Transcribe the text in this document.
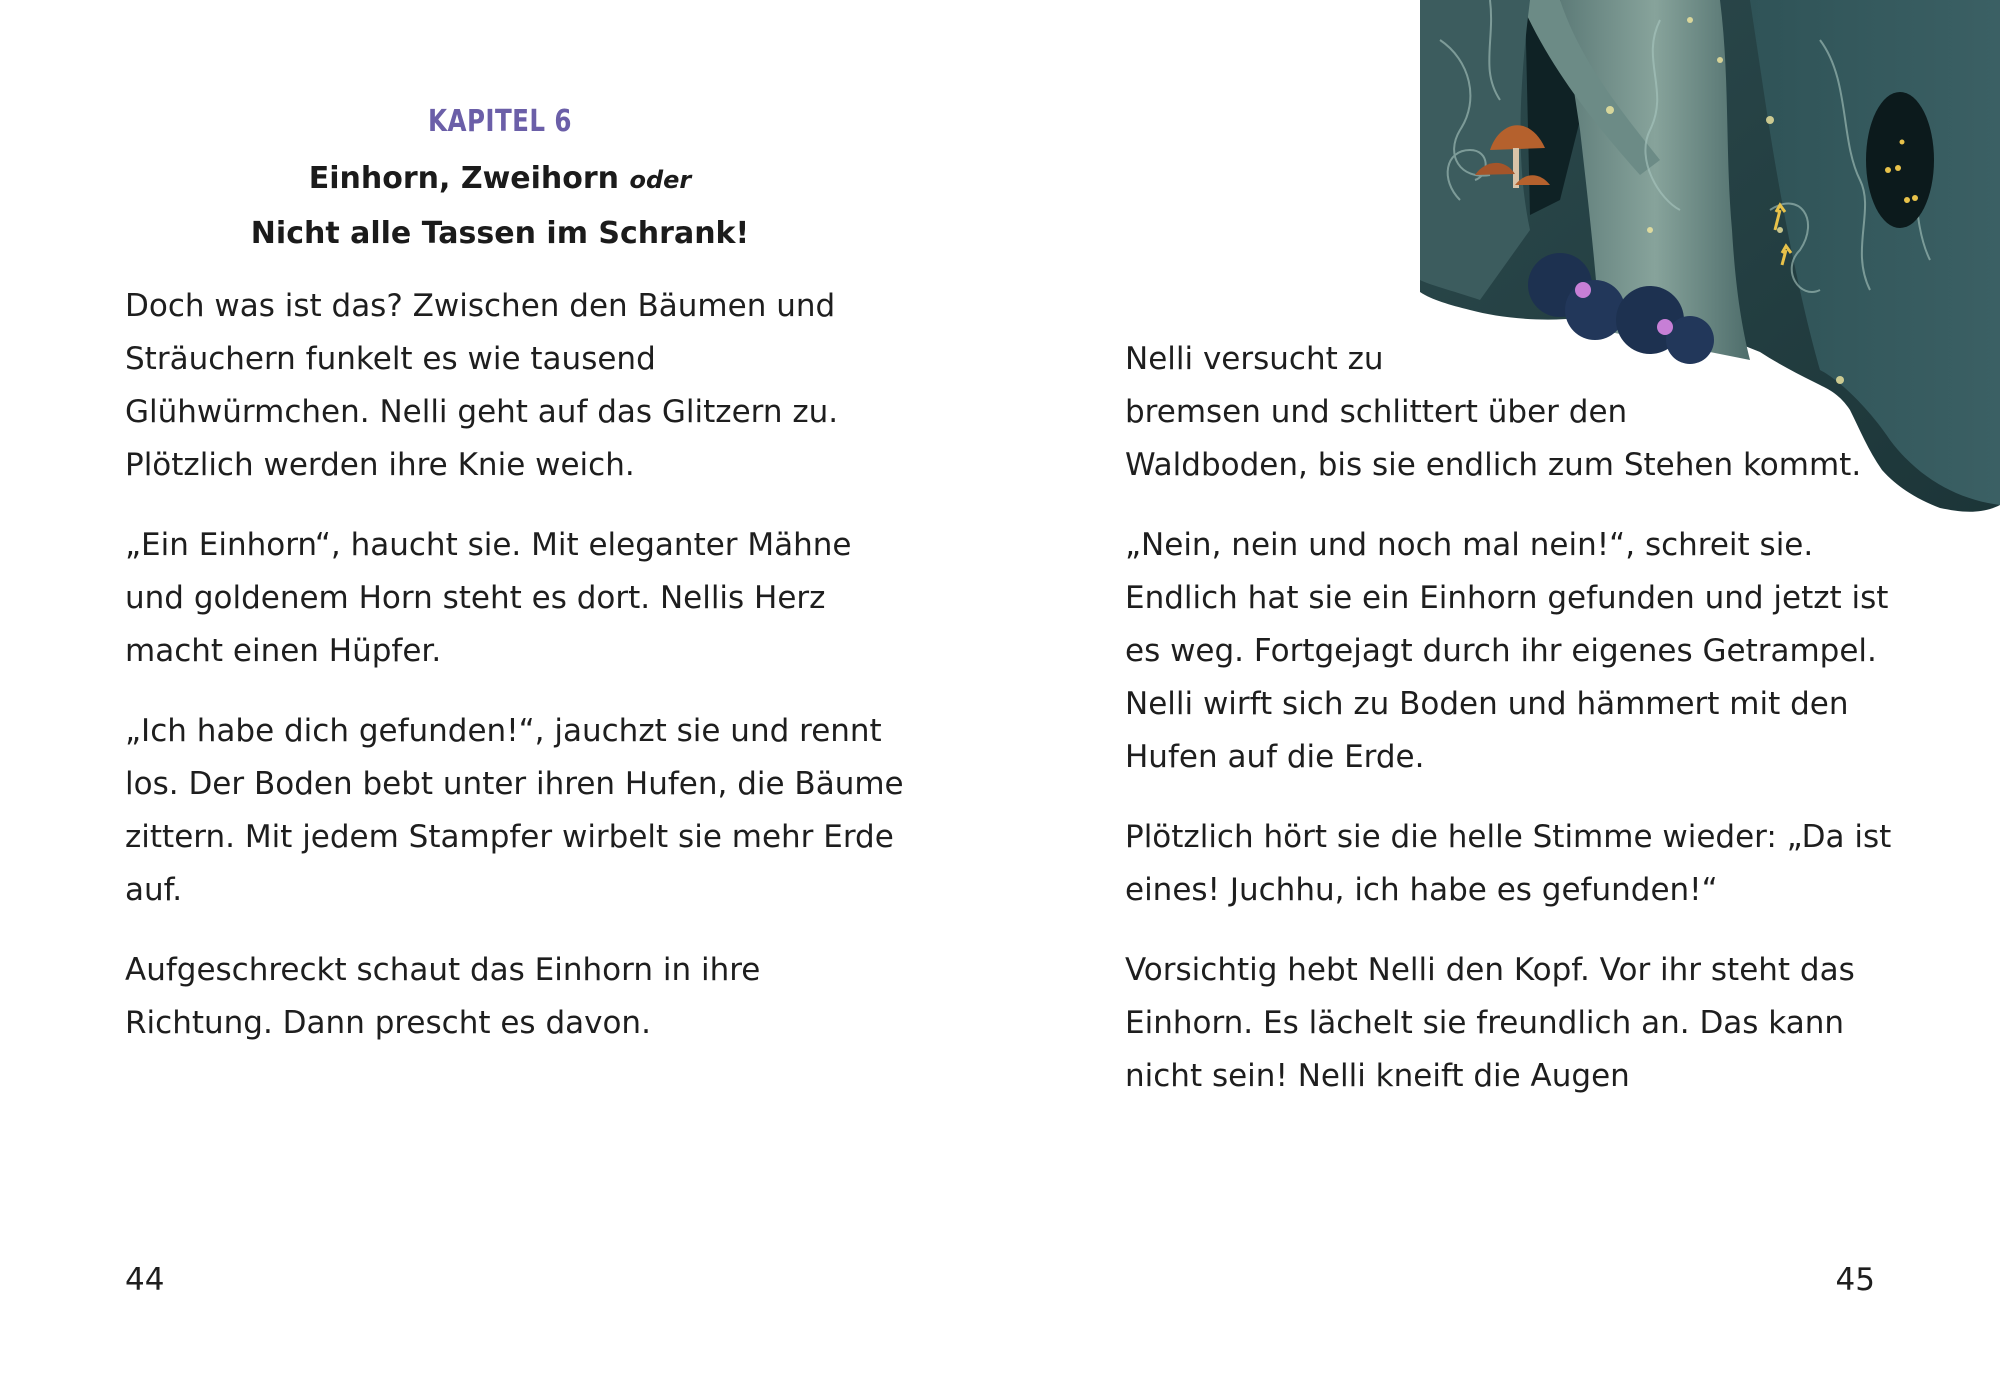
KAPITEL 6
Einhorn, Zweihorn oder
Nicht alle Tassen im Schrank!

Doch was ist das? Zwischen den Bäumen und Sträuchern funkelt es wie tausend Glühwürmchen. Nelli geht auf das Glitzern zu. Plötzlich werden ihre Knie weich.

„Ein Einhorn“, haucht sie. Mit eleganter Mähne und goldenem Horn steht es dort. Nellis Herz macht einen Hüpfer.

„Ich habe dich gefunden!“, jauchzt sie und rennt los. Der Boden bebt unter ihren Hufen, die Bäume zittern. Mit jedem Stampfer wirbelt sie mehr Erde auf.

Aufgeschreckt schaut das Einhorn in ihre Richtung. Dann prescht es davon.

44

Nelli versucht zu
bremsen und schlittert über den
Waldboden, bis sie endlich zum Stehen kommt.

„Nein, nein und noch mal nein!“, schreit sie. Endlich hat sie ein Einhorn gefunden und jetzt ist es weg. Fortgejagt durch ihr eigenes Getrampel. Nelli wirft sich zu Boden und hämmert mit den Hufen auf die Erde.

Plötzlich hört sie die helle Stimme wieder: „Da ist eines! Juchhu, ich habe es gefunden!“

Vorsichtig hebt Nelli den Kopf. Vor ihr steht das Einhorn. Es lächelt sie freundlich an. Das kann nicht sein! Nelli kneift die Augen

45
